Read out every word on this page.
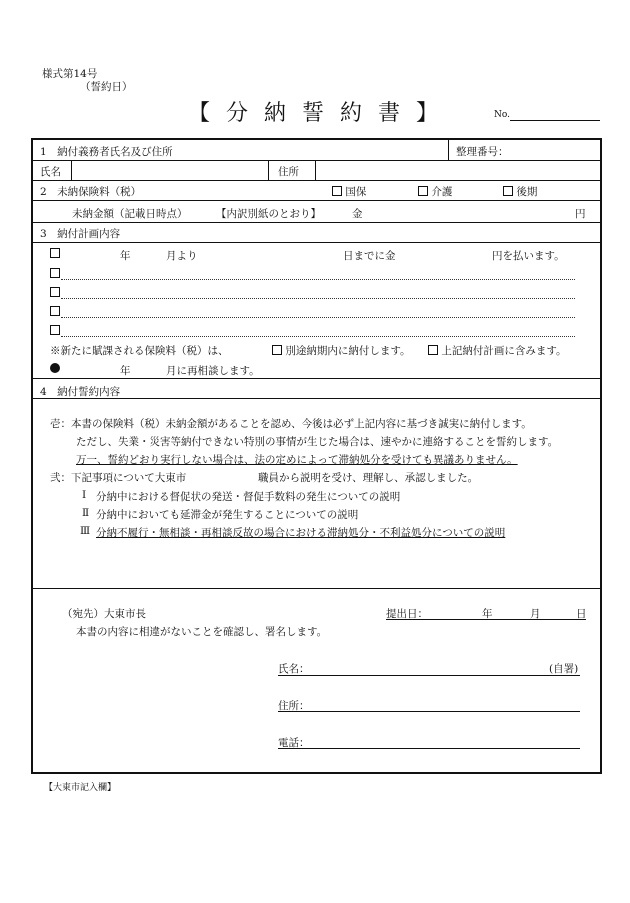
様式第14号
（誓約日）
【 分 納 誓 約 書 】	No.
1　納付義務者氏名及び住所	整理番号：
氏名	住所
2　未納保険料（税）	国保	介護	後期
未納金額（記載日時点）	【内訳別紙のとおり】	金	円
3　納付計画内容
年	月より	日までに金	円を払います。
※新たに賦課される保険料（税）は、	別途納期内に納付します。	上記納付計画に含みます。
年	月に再相談します。
4　納付誓約内容
壱：本書の保険料（税）未納金額があることを認め、今後は必ず上記内容に基づき誠実に納付します。
ただし、失業・災害等納付できない特別の事情が生じた場合は、速やかに連絡することを誓約します。
万一、誓約どおり実行しない場合は、法の定めによって滞納処分を受けても異議ありません。
弐：下記事項について大東市	職員から説明を受け、理解し、承認しました。
Ⅰ 分納中における督促状の発送・督促手数料の発生についての説明
Ⅱ 分納中においても延滞金が発生することについての説明
Ⅲ 分納不履行・無相談・再相談反故の場合における滞納処分・不利益処分についての説明
（宛先）大東市長
本書の内容に相違がないことを確認し、署名します。
提出日：	年	月	日
氏名：	(自署)
住所：
電話：
【大東市記入欄】
